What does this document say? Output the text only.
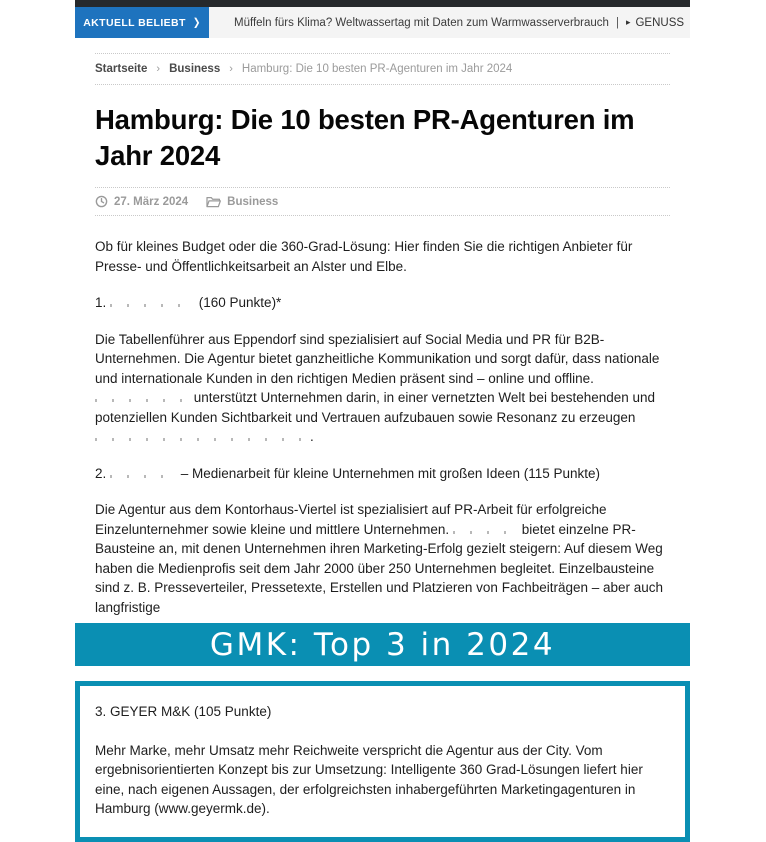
AKTUELL BELIEBT ❯	Müffeln fürs Klima? Weltwassertag mit Daten zum Warmwasserverbrauch | ▸ GENUSS
Startseite › Business › Hamburg: Die 10 besten PR-Agenturen im Jahr 2024
Hamburg: Die 10 besten PR-Agenturen im Jahr 2024
27. März 2024	Business

Ob für kleines Budget oder die 360-Grad-Lösung: Hier finden Sie die richtigen Anbieter für Presse- und Öffentlichkeitsarbeit an Alster und Elbe.

1.	(160 Punkte)*

Die Tabellenführer aus Eppendorf sind spezialisiert auf Social Media und PR für B2B-Unternehmen. Die Agentur bietet ganzheitliche Kommunikation und sorgt dafür, dass nationale und internationale Kunden in den richtigen Medien präsent sind – online und offline.  unterstützt Unternehmen darin, in einer vernetzten Welt bei bestehenden und potenziellen Kunden Sichtbarkeit und Vertrauen aufzubauen sowie Resonanz zu erzeugen .

2.	– Medienarbeit für kleine Unternehmen mit großen Ideen (115 Punkte)

Die Agentur aus dem Kontorhaus-Viertel ist spezialisiert auf PR-Arbeit für erfolgreiche Einzelunternehmer sowie kleine und mittlere Unternehmen.	bietet einzelne PR-Bausteine an, mit denen Unternehmen ihren Marketing-Erfolg gezielt steigern: Auf diesem Weg haben die Medienprofis seit dem Jahr 2000 über 250 Unternehmen begleitet. Einzelbausteine sind z. B. Presseverteiler, Pressetexte, Erstellen und Platzieren von Fachbeiträgen – aber auch langfristige

GMK: Top 3 in 2024

3. GEYER M&K (105 Punkte)

Mehr Marke, mehr Umsatz mehr Reichweite verspricht die Agentur aus der City. Vom ergebnisorientierten Konzept bis zur Umsetzung: Intelligente 360 Grad-Lösungen liefert hier eine, nach eigenen Aussagen, der erfolgreichsten inhabergeführten Marketingagenturen in Hamburg (www.geyermk.de).
